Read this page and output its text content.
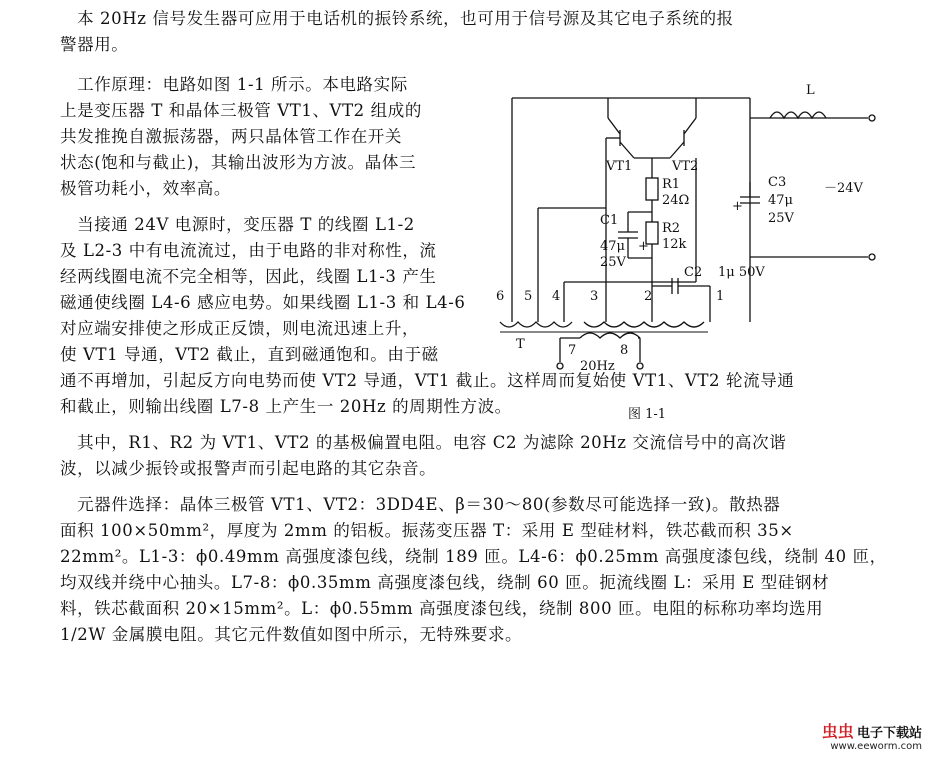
　本 20Hz 信号发生器可应用于电话机的振铃系统，也可用于信号源及其它电子系统的报

警器用。

　工作原理：电路如图 1-1 所示。本电路实际

上是变压器 T 和晶体三极管 VT1、VT2 组成的

共发推挽自激振荡器，两只晶体管工作在开关

状态(饱和与截止)，其输出波形为方波。晶体三

极管功耗小，效率高。

　当接通 24V 电源时，变压器 T 的线圈 L1-2

及 L2-3 中有电流流过，由于电路的非对称性，流

经两线圈电流不完全相等，因此，线圈 L1-3 产生

磁通使线圈 L4-6 感应电势。如果线圈 L1-3 和 L4-6

对应端安排使之形成正反馈，则电流迅速上升，

使 VT1 导通，VT2 截止，直到磁通饱和。由于磁

通不再增加，引起反方向电势而使 VT2 导通，VT1 截止。这样周而复始使 VT1、VT2 轮流导通

和截止，则输出线圈 L7-8 上产生一 20Hz 的周期性方波。

　其中，R1、R2 为 VT1、VT2 的基极偏置电阻。电容 C2 为滤除 20Hz 交流信号中的高次谐

波，以减少振铃或报警声而引起电路的其它杂音。

　元器件选择：晶体三极管 VT1、VT2：3DD4E、β＝30～80(参数尽可能选择一致)。散热器

面积 100×50mm²，厚度为 2mm 的铝板。振荡变压器 T：采用 E 型硅材料，铁芯截而积 35×

22mm²。L1-3：ϕ0.49mm 高强度漆包线，绕制 189 匝。L4-6：ϕ0.25mm 高强度漆包线，绕制 40 匝，

均双线并绕中心抽头。L7-8：ϕ0.35mm 高强度漆包线，绕制 60 匝。扼流线圈 L：采用 E 型硅钢材

料，铁芯截面积 20×15mm²。L：ϕ0.55mm 高强度漆包线，绕制 800 匝。电阻的标称功率均选用

1/2W 金属膜电阻。其它元件数值如图中所示，无特殊要求。

L
VT1	VT2
R1
24Ω
R2
12k
C1
47μ
25V
+
C2 1μ 50V
C3
47μ
25V
+
－24V
T
1
2
3
4
5
6
7	8
20Hz
图 1-1
虫虫 电子下载站
www.eeworm.com
